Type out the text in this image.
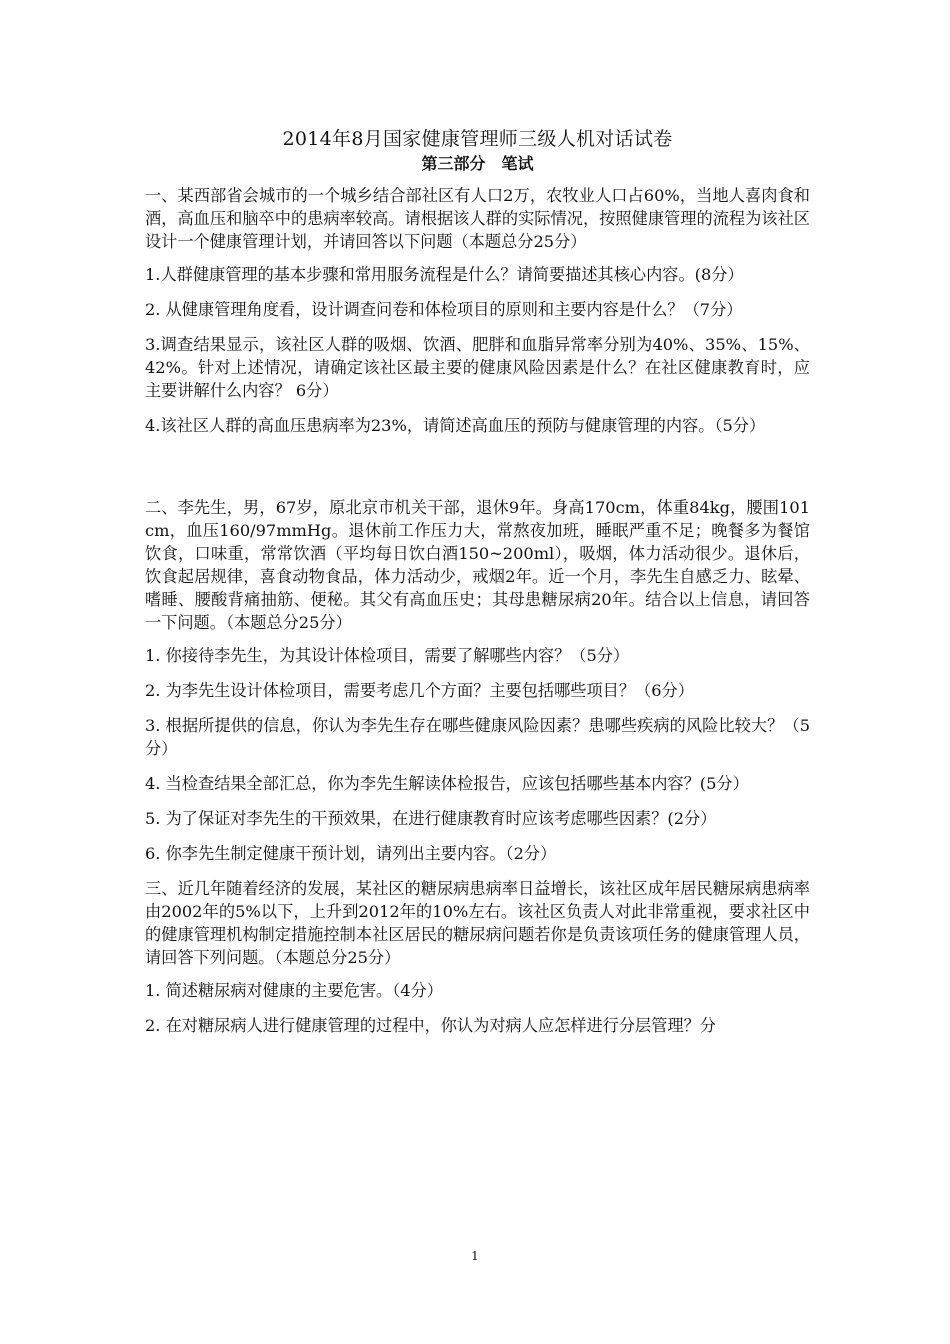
2014年8月国家健康管理师三级人机对话试卷
第三部分　笔试

一、某西部省会城市的一个城乡结合部社区有人口2万，农牧业人口占60%，当地人喜肉食和酒，高血压和脑卒中的患病率较高。请根据该人群的实际情况，按照健康管理的流程为该社区设计一个健康管理计划，并请回答以下问题（本题总分25分）

1.人群健康管理的基本步骤和常用服务流程是什么？请简要描述其核心内容。(8分）

2. 从健康管理角度看，设计调查问卷和体检项目的原则和主要内容是什么？（7分）

3.调查结果显示，该社区人群的吸烟、饮酒、肥胖和血脂异常率分别为40%、35%、15%、42%。针对上述情况，请确定该社区最主要的健康风险因素是什么？在社区健康教育时，应主要讲解什么内容？ 6分）

4.该社区人群的高血压患病率为23%，请简述高血压的预防与健康管理的内容。（5分）

二、李先生，男，67岁，原北京市机关干部，退休9年。身高170cm，体重84kg，腰围101cm，血压160/97mmHg。退休前工作压力大，常熬夜加班，睡眠严重不足；晚餐多为餐馆饮食，口味重，常常饮酒（平均每日饮白酒150~200ml），吸烟，体力活动很少。退休后，饮食起居规律，喜食动物食品，体力活动少，戒烟2年。近一个月，李先生自感乏力、眩晕、嗜睡、腰酸背痛抽筋、便秘。其父有高血压史；其母患糖尿病20年。结合以上信息，请回答一下问题。（本题总分25分）

1. 你接待李先生，为其设计体检项目，需要了解哪些内容？（5分）

2. 为李先生设计体检项目，需要考虑几个方面？主要包括哪些项目？（6分）

3. 根据所提供的信息，你认为李先生存在哪些健康风险因素？患哪些疾病的风险比较大？（5分）

4. 当检查结果全部汇总，你为李先生解读体检报告，应该包括哪些基本内容？(5分）

5. 为了保证对李先生的干预效果，在进行健康教育时应该考虑哪些因素？(2分）

6. 你李先生制定健康干预计划，请列出主要内容。（2分）

三、近几年随着经济的发展，某社区的糖尿病患病率日益增长，该社区成年居民糖尿病患病率由2002年的5%以下，上升到2012年的10%左右。该社区负责人对此非常重视，要求社区中的健康管理机构制定措施控制本社区居民的糖尿病问题若你是负责该项任务的健康管理人员，请回答下列问题。（本题总分25分）

1. 简述糖尿病对健康的主要危害。（4分）

2. 在对糖尿病人进行健康管理的过程中，你认为对病人应怎样进行分层管理？分

1
